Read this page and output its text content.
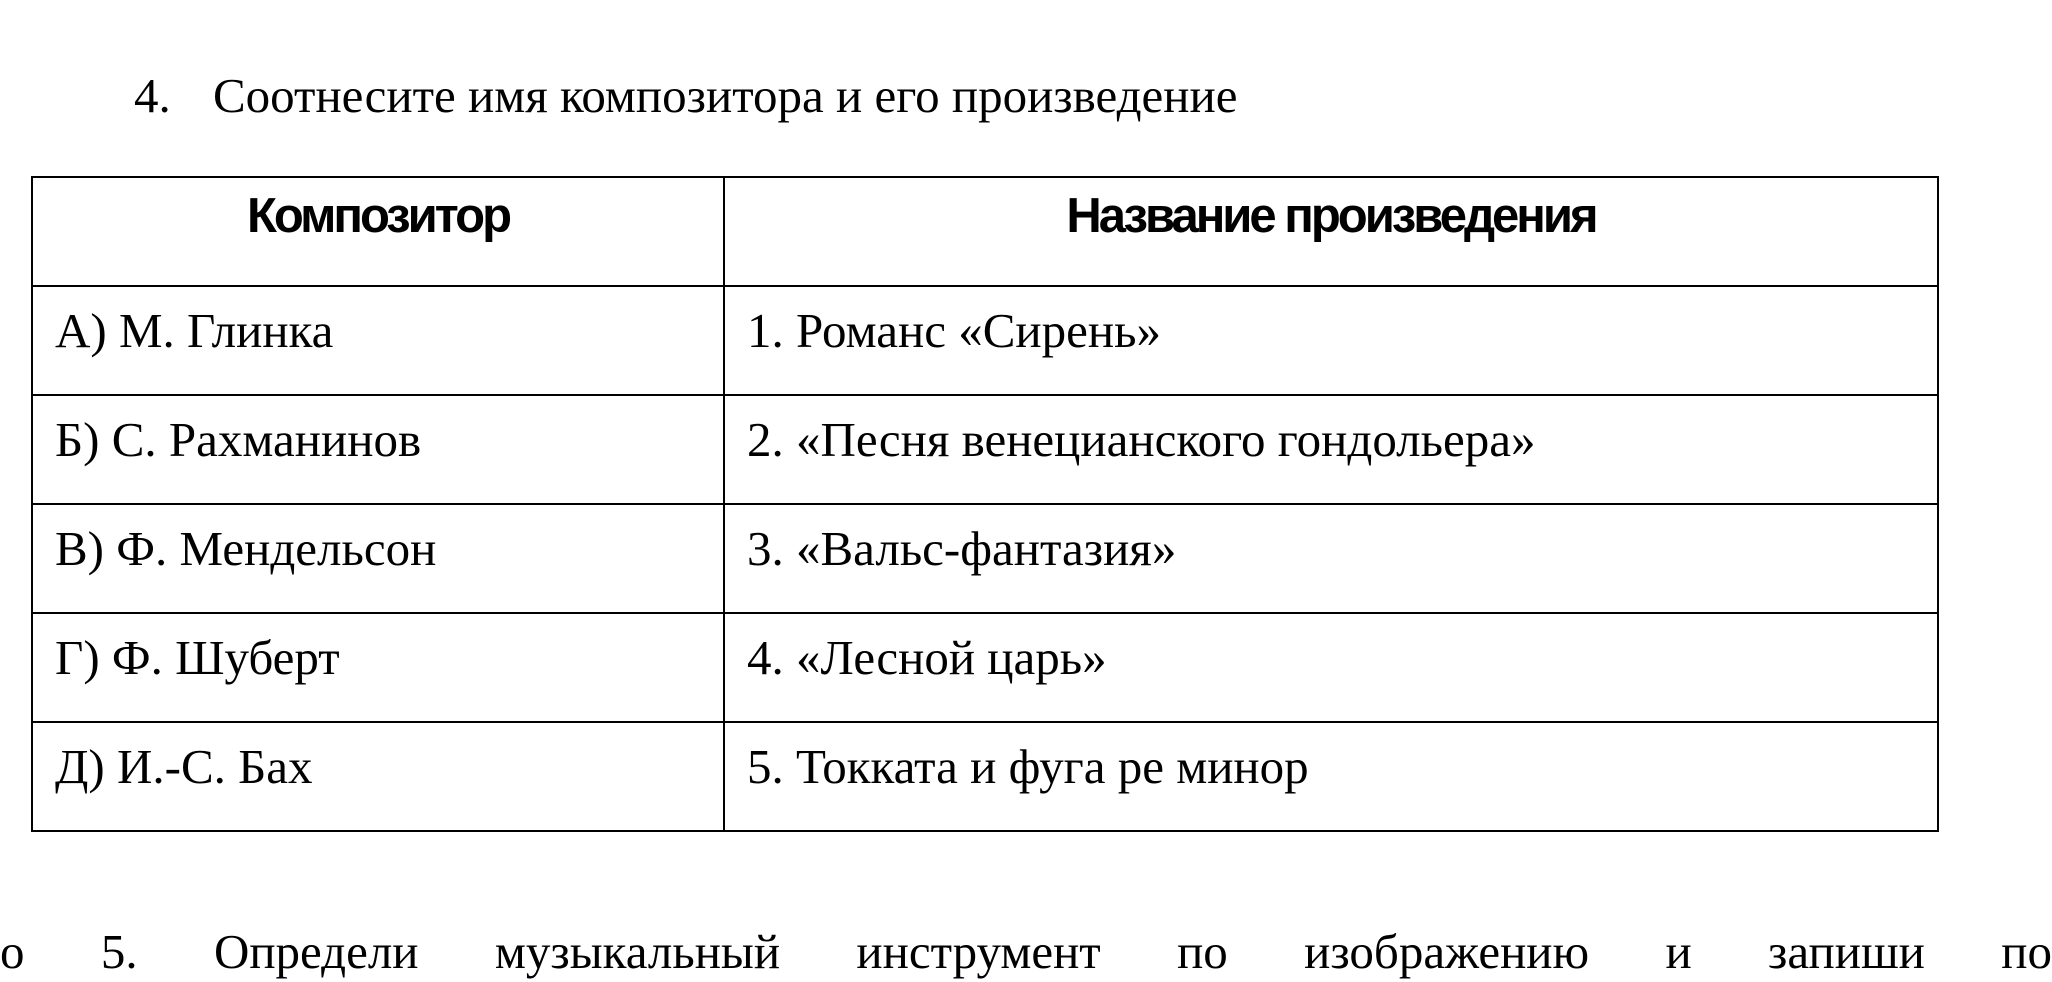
4. Соотнесите имя композитора и его произведение
Композитор	Название произведения
А) М. Глинка	1. Романс «Сирень»
Б) С. Рахманинов	2. «Песня венецианского гондольера»
В) Ф. Мендельсон	3. «Вальс-фантазия»
Г) Ф. Шуберт	4. «Лесной царь»
Д) И.-С. Бах	5. Токката и фуга ре минор
о 5. Определи музыкальный инструмент по изображению и запиши по
